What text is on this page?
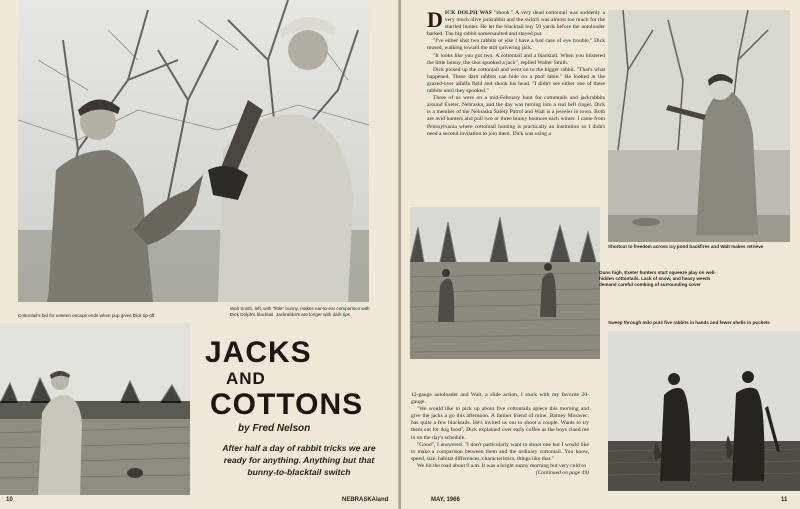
Cottontail's bid for unseen escape ends when pup gives Dick tip-off
Walt Smith, left, with "little" bunny, makes ear-to-ear comparison with Dick Dolph's blacktail. Jackrabbit's are longer with dark tips
JACKS
AND
COTTONS
by Fred Nelson
After half a day of rabbit tricks we are ready for anything. Anything but that bunny-to-blacktail switch
10	NEBRASKAland

D ICK DOLPH WAS "shook." A very dead cottontail was suddenly a very much alive jackrabbit and the switch was almost too much for the startled hunter. He let the blacktail buy 50 yards before the autoloader barked. The big rabbit somersaulted and stayed put.

"I've either shot two rabbits or else I have a bad case of eye trouble," Dick mused, walking toward the still quivering jack.

"It looks like you got two. A cottontail and a blacktail. When you blistered the little bunny, the shot spooked a jack", replied Walter Smith.

Dick picked up the cottontail and went on to the bigger rabbit. "That's what happened. These darn rabbits can hide on a pool table." He looked at the grazed-over alfalfa field and shook his head. "I didn't see either one of these rabbits until they spooked."

Three of us were on a mid-February hunt for cottontails and jackrabbits around Exeter, Nebraska, and the day was turning into a real bell ringer. Dick is a member of the Nebraska Safety Patrol and Walt is a jeweler in town. Both are avid hunters and pull two or three bunny bounces each winter. I came from Pennsylvania where cottontail hunting is practically an institution so I didn't need a second invitation to join them. Dick was using a

Shortcut to freedom across icy pond backfires and Walt makes retrieve
Guns high, Exeter hunters start squeeze play on well-hidden cottontails. Lack of snow, and heavy weeds demand careful combing of surrounding cover
Sweep through milo puts five rabbits in hands and fewer shells in pockets

12-gauge autoloader and Walt, a slide action. I stuck with my favorite 20-gauge.

"We would like to pick up about five cottontails apiece this morning and give the jacks a go this afternoon. A farmer friend of mine, Barney Moravec, has quite a few blacktails. He's invited us out to shoot a couple. Wants to try them out for dog food", Dick explained over early coffee as the boys clued me in on the day's schedule.

"Good", I answered. "I don't particularly want to shoot one but I would like to make a comparison between them and the ordinary cottontail. You know, speed, size, habitat differences, characteristics, things like that."

We hit the road about 9 a.m. It was a bright sunny morning but very cold so

(Continued on page 49)

MAY, 1966	11
